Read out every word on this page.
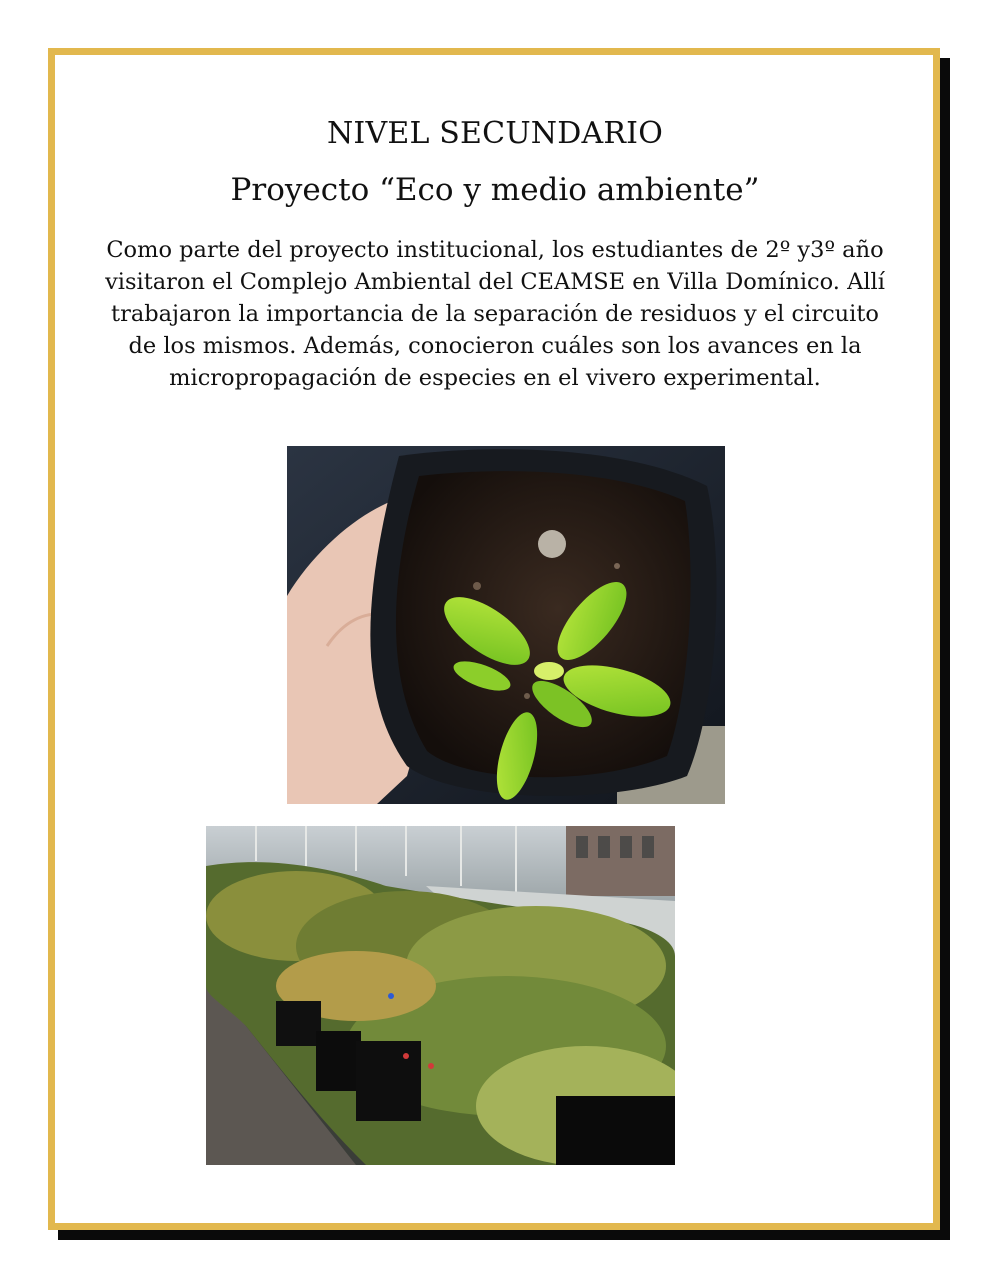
NIVEL SECUNDARIO
Proyecto “Eco y medio ambiente”
Como parte del proyecto institucional, los estudiantes de 2º y3º año visitaron el Complejo Ambiental del CEAMSE en Villa Domínico. Allí trabajaron la importancia de la separación de residuos y el circuito de los mismos. Además, conocieron cuáles son los avances en la micropropagación de especies en el vivero experimental.
